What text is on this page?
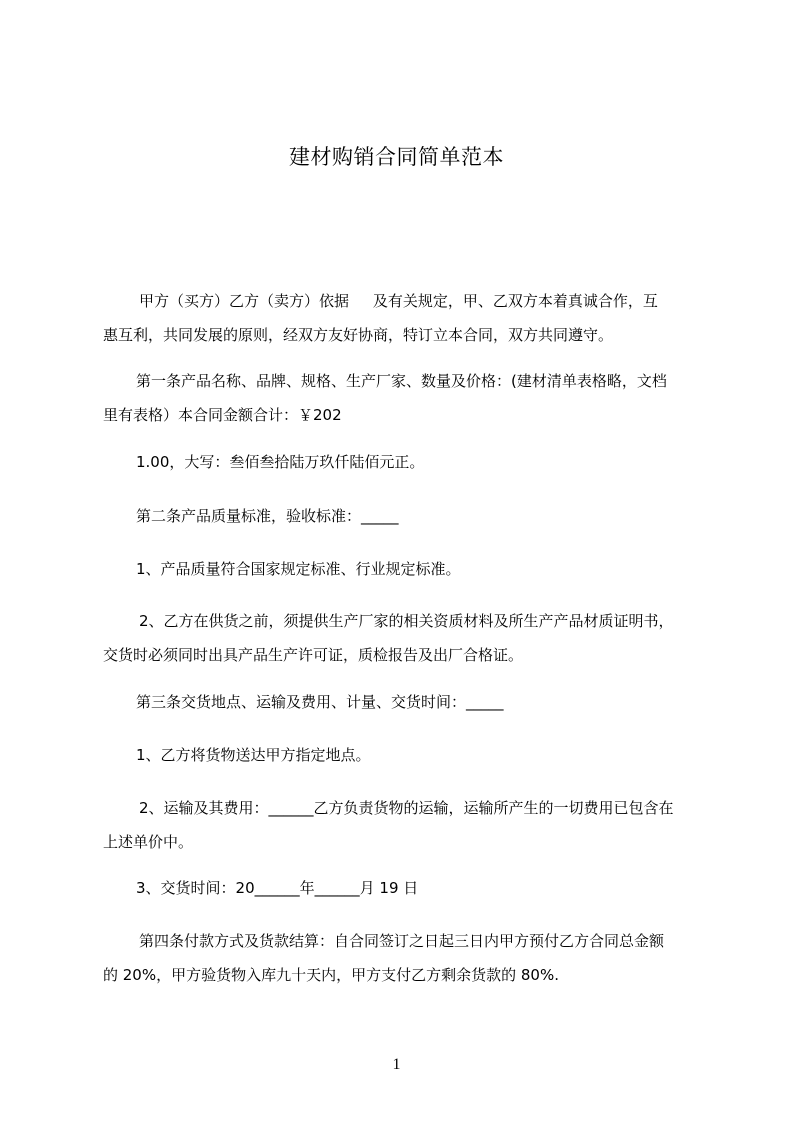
建材购销合同简单范本

甲方（买方）乙方（卖方）依据     及有关规定，甲、乙双方本着真诚合作，互
惠互利，共同发展的原则，经双方友好协商，特订立本合同，双方共同遵守。

第一条产品名称、品牌、规格、生产厂家、数量及价格：(建材清单表格略，文档
里有表格）本合同金额合计：￥202

1.00，大写：叁佰叁拾陆万玖仟陆佰元正。

第二条产品质量标准，验收标准：_____

1、产品质量符合国家规定标准、行业规定标准。

2、乙方在供货之前，须提供生产厂家的相关资质材料及所生产产品材质证明书，
交货时必须同时出具产品生产许可证，质检报告及出厂合格证。

第三条交货地点、运输及费用、计量、交货时间：_____

1、乙方将货物送达甲方指定地点。

2、运输及其费用：______乙方负责货物的运输，运输所产生的一切费用已包含在
上述单价中。

3、交货时间：20______年______月 19 日

第四条付款方式及货款结算：自合同签订之日起三日内甲方预付乙方合同总金额
的 20%，甲方验货物入库九十天内，甲方支付乙方剩余货款的 80%.

1
